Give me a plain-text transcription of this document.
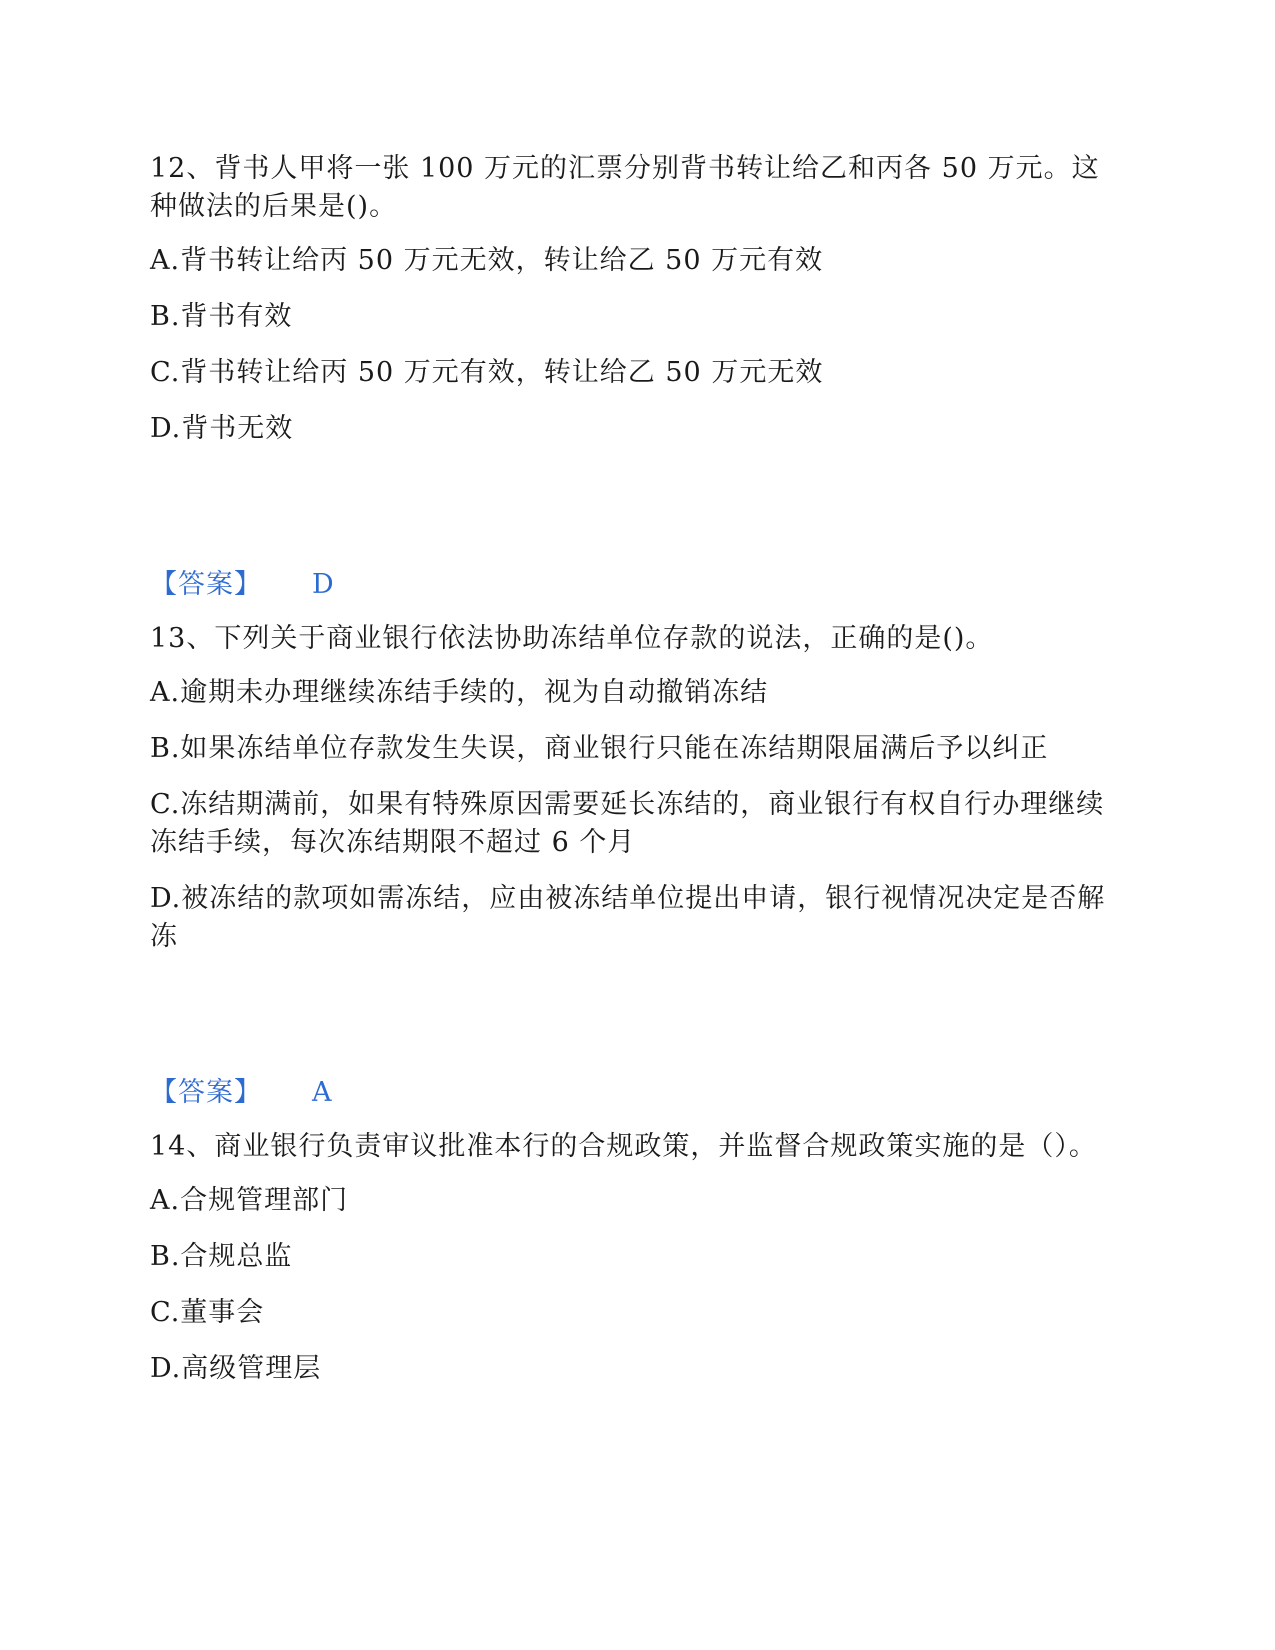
12、背书人甲将一张 100 万元的汇票分别背书转让给乙和丙各 50 万元。这种做法的后果是()。

A.背书转让给丙 50 万元无效，转让给乙 50 万元有效

B.背书有效

C.背书转让给丙 50 万元有效，转让给乙 50 万元无效

D.背书无效

【答案】 D

13、下列关于商业银行依法协助冻结单位存款的说法，正确的是()。

A.逾期未办理继续冻结手续的，视为自动撤销冻结

B.如果冻结单位存款发生失误，商业银行只能在冻结期限届满后予以纠正

C.冻结期满前，如果有特殊原因需要延长冻结的，商业银行有权自行办理继续冻结手续，每次冻结期限不超过 6 个月

D.被冻结的款项如需冻结，应由被冻结单位提出申请，银行视情况决定是否解冻

【答案】 A

14、商业银行负责审议批准本行的合规政策，并监督合规政策实施的是（）。

A.合规管理部门

B.合规总监

C.董事会

D.高级管理层
